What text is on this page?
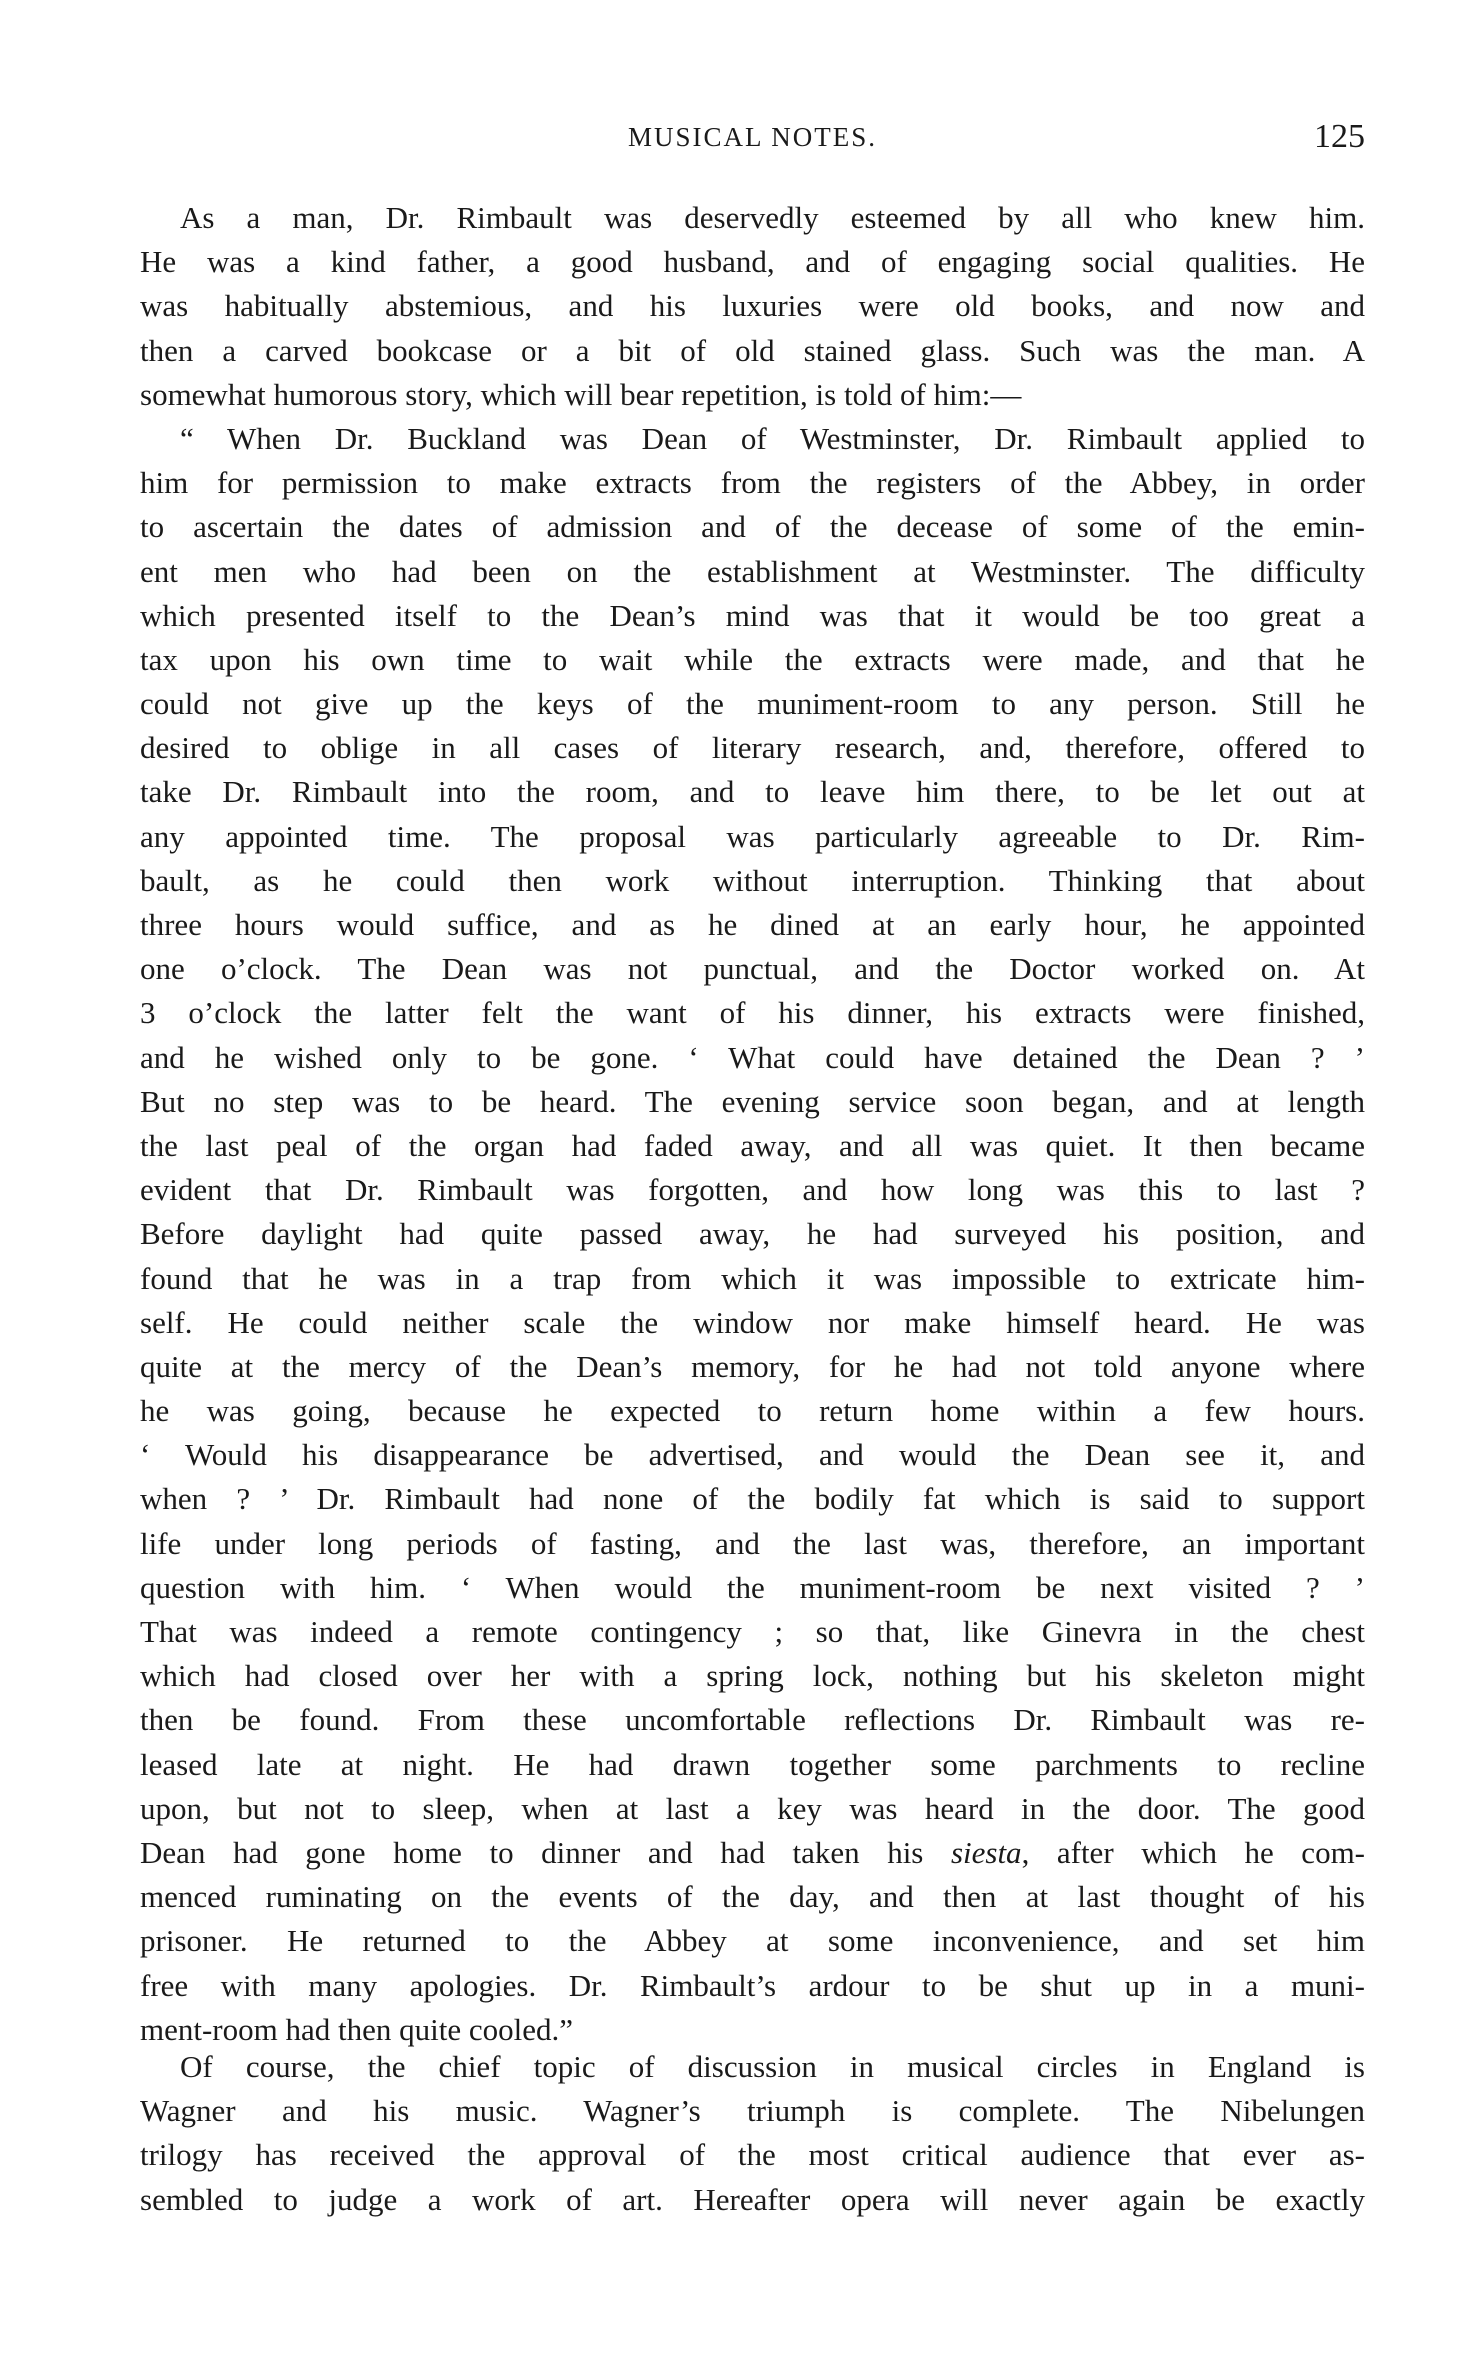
MUSICAL NOTES.	125
As a man, Dr. Rimbault was deservedly esteemed by all who knew him.
He was a kind father, a good husband, and of engaging social qualities. He
was habitually abstemious, and his luxuries were old books, and now and
then a carved bookcase or a bit of old stained glass. Such was the man. A
somewhat humorous story, which will bear repetition, is told of him:—
“ When Dr. Buckland was Dean of Westminster, Dr. Rimbault applied to
him for permission to make extracts from the registers of the Abbey, in order
to ascertain the dates of admission and of the decease of some of the emin-
ent men who had been on the establishment at Westminster. The difficulty
which presented itself to the Dean’s mind was that it would be too great a
tax upon his own time to wait while the extracts were made, and that he
could not give up the keys of the muniment-room to any person. Still he
desired to oblige in all cases of literary research, and, therefore, offered to
take Dr. Rimbault into the room, and to leave him there, to be let out at
any appointed time. The proposal was particularly agreeable to Dr. Rim-
bault, as he could then work without interruption. Thinking that about
three hours would suffice, and as he dined at an early hour, he appointed
one o’clock. The Dean was not punctual, and the Doctor worked on. At
3 o’clock the latter felt the want of his dinner, his extracts were finished,
and he wished only to be gone. ‘ What could have detained the Dean ? ’
But no step was to be heard. The evening service soon began, and at length
the last peal of the organ had faded away, and all was quiet. It then became
evident that Dr. Rimbault was forgotten, and how long was this to last ?
Before daylight had quite passed away, he had surveyed his position, and
found that he was in a trap from which it was impossible to extricate him-
self. He could neither scale the window nor make himself heard. He was
quite at the mercy of the Dean’s memory, for he had not told anyone where
he was going, because he expected to return home within a few hours.
‘ Would his disappearance be advertised, and would the Dean see it, and
when ? ’ Dr. Rimbault had none of the bodily fat which is said to support
life under long periods of fasting, and the last was, therefore, an important
question with him. ‘ When would the muniment-room be next visited ? ’
That was indeed a remote contingency ; so that, like Ginevra in the chest
which had closed over her with a spring lock, nothing but his skeleton might
then be found. From these uncomfortable reflections Dr. Rimbault was re-
leased late at night. He had drawn together some parchments to recline
upon, but not to sleep, when at last a key was heard in the door. The good
Dean had gone home to dinner and had taken his siesta, after which he com-
menced ruminating on the events of the day, and then at last thought of his
prisoner. He returned to the Abbey at some inconvenience, and set him
free with many apologies. Dr. Rimbault’s ardour to be shut up in a muni-
ment-room had then quite cooled.”
Of course, the chief topic of discussion in musical circles in England is
Wagner and his music. Wagner’s triumph is complete. The Nibelungen
trilogy has received the approval of the most critical audience that ever as-
sembled to judge a work of art. Hereafter opera will never again be exactly
